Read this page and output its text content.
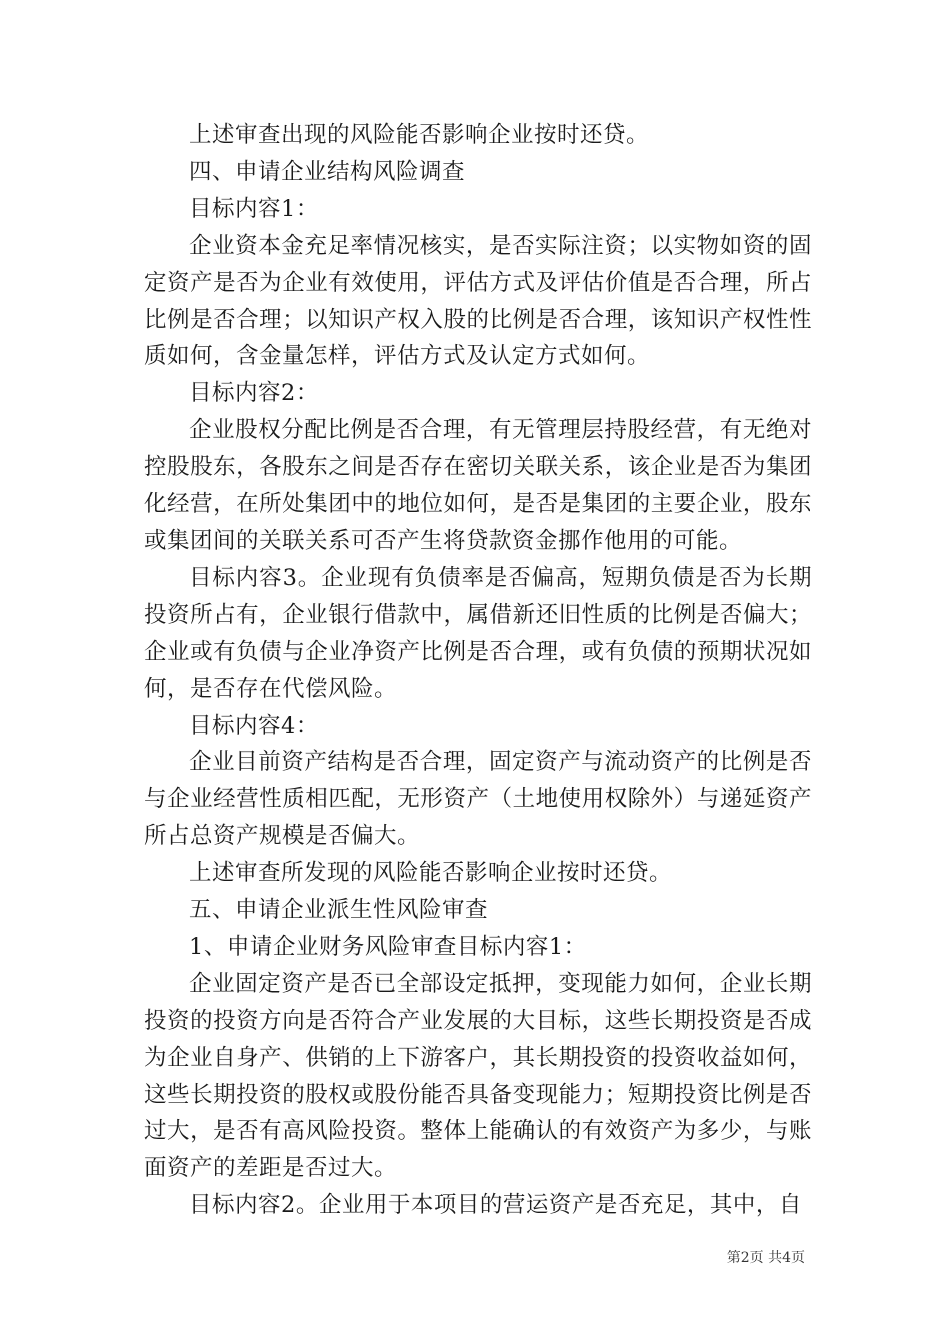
上述审查出现的风险能否影响企业按时还贷。

四、申请企业结构风险调查

目标内容1：

企业资本金充足率情况核实，是否实际注资；以实物如资的固定资产是否为企业有效使用，评估方式及评估价值是否合理，所占比例是否合理；以知识产权入股的比例是否合理，该知识产权性性质如何，含金量怎样，评估方式及认定方式如何。

目标内容2：

企业股权分配比例是否合理，有无管理层持股经营，有无绝对控股股东，各股东之间是否存在密切关联关系，该企业是否为集团化经营，在所处集团中的地位如何，是否是集团的主要企业，股东或集团间的关联关系可否产生将贷款资金挪作他用的可能。

目标内容3。企业现有负债率是否偏高，短期负债是否为长期投资所占有，企业银行借款中，属借新还旧性质的比例是否偏大；企业或有负债与企业净资产比例是否合理，或有负债的预期状况如何，是否存在代偿风险。

目标内容4：

企业目前资产结构是否合理，固定资产与流动资产的比例是否与企业经营性质相匹配，无形资产（土地使用权除外）与递延资产所占总资产规模是否偏大。

上述审查所发现的风险能否影响企业按时还贷。

五、申请企业派生性风险审查

1、申请企业财务风险审查目标内容1：

企业固定资产是否已全部设定抵押，变现能力如何，企业长期投资的投资方向是否符合产业发展的大目标，这些长期投资是否成为企业自身产、供销的上下游客户，其长期投资的投资收益如何，这些长期投资的股权或股份能否具备变现能力；短期投资比例是否过大，是否有高风险投资。整体上能确认的有效资产为多少，与账面资产的差距是否过大。

目标内容2。企业用于本项目的营运资产是否充足，其中，自

第2页 共4页
